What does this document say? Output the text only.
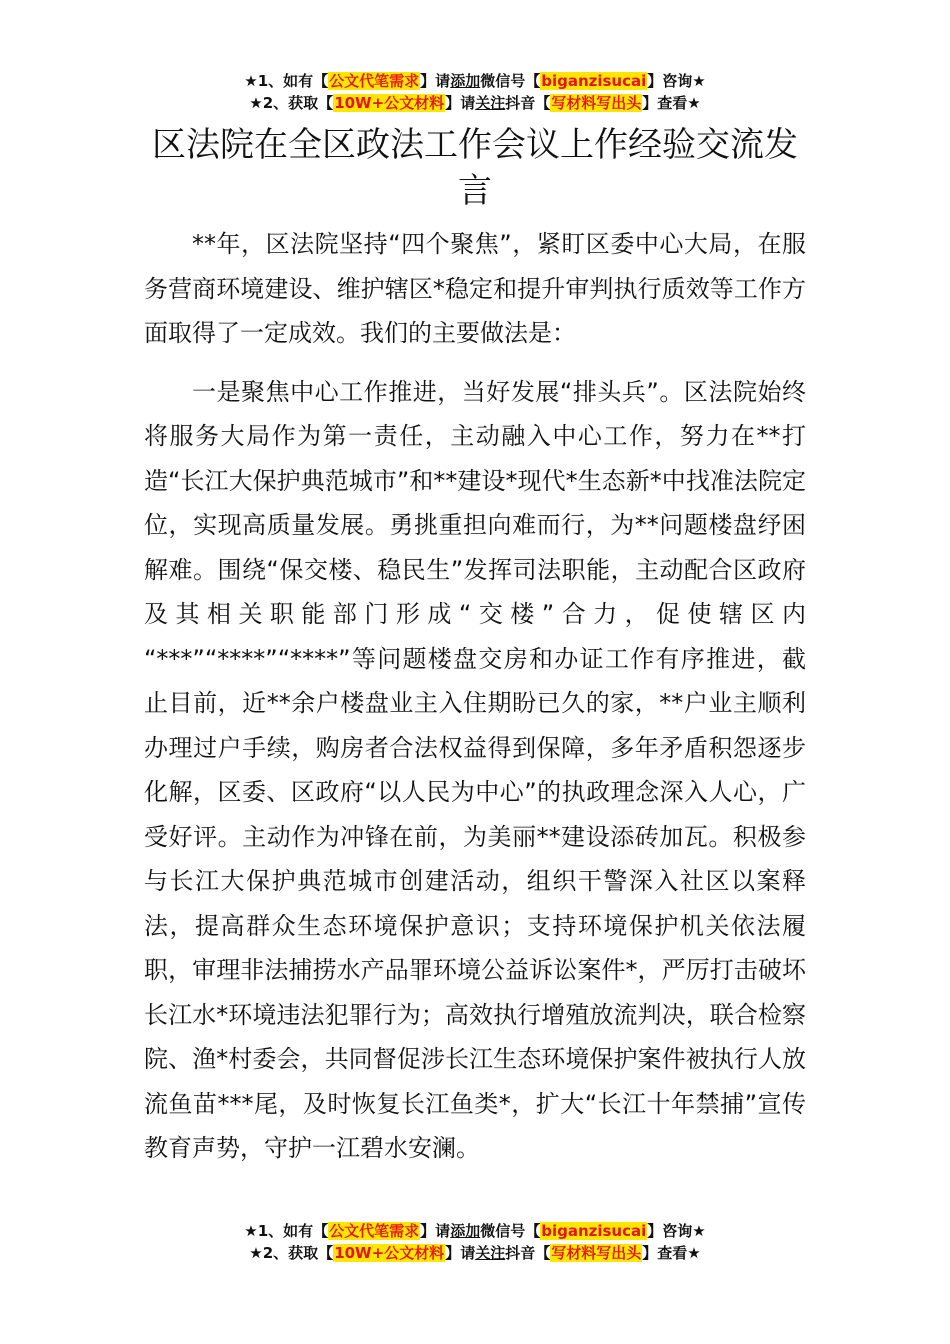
★1、如有【公文代笔需求】请添加微信号【biganzisucai】咨询★
★2、获取【10W+公文材料】请关注抖音【写材料写出头】查看★
区法院在全区政法工作会议上作经验交流发言

**年，区法院坚持“四个聚焦”，紧盯区委中心大局，在服务营商环境建设、维护辖区*稳定和提升审判执行质效等工作方面取得了一定成效。我们的主要做法是：

一是聚焦中心工作推进，当好发展“排头兵”。区法院始终将服务大局作为第一责任，主动融入中心工作，努力在**打造“长江大保护典范城市”和**建设*现代*生态新*中找准法院定位，实现高质量发展。勇挑重担向难而行，为**问题楼盘纾困解难。围绕“保交楼、稳民生”发挥司法职能，主动配合区政府及其相关职能部门形成“交楼”合力，促使辖区内 “***”“****”“****”等问题楼盘交房和办证工作有序推进，截止目前，近**余户楼盘业主入住期盼已久的家，**户业主顺利办理过户手续，购房者合法权益得到保障，多年矛盾积怨逐步化解，区委、区政府“以人民为中心”的执政理念深入人心，广受好评。主动作为冲锋在前，为美丽**建设添砖加瓦。积极参与长江大保护典范城市创建活动，组织干警深入社区以案释法，提高群众生态环境保护意识；支持环境保护机关依法履职，审理非法捕捞水产品罪环境公益诉讼案件*，严厉打击破坏长江水*环境违法犯罪行为；高效执行增殖放流判决，联合检察院、渔*村委会，共同督促涉长江生态环境保护案件被执行人放流鱼苗***尾，及时恢复长江鱼类*，扩大“长江十年禁捕”宣传教育声势，守护一江碧水安澜。

★1、如有【公文代笔需求】请添加微信号【biganzisucai】咨询★
★2、获取【10W+公文材料】请关注抖音【写材料写出头】查看★
